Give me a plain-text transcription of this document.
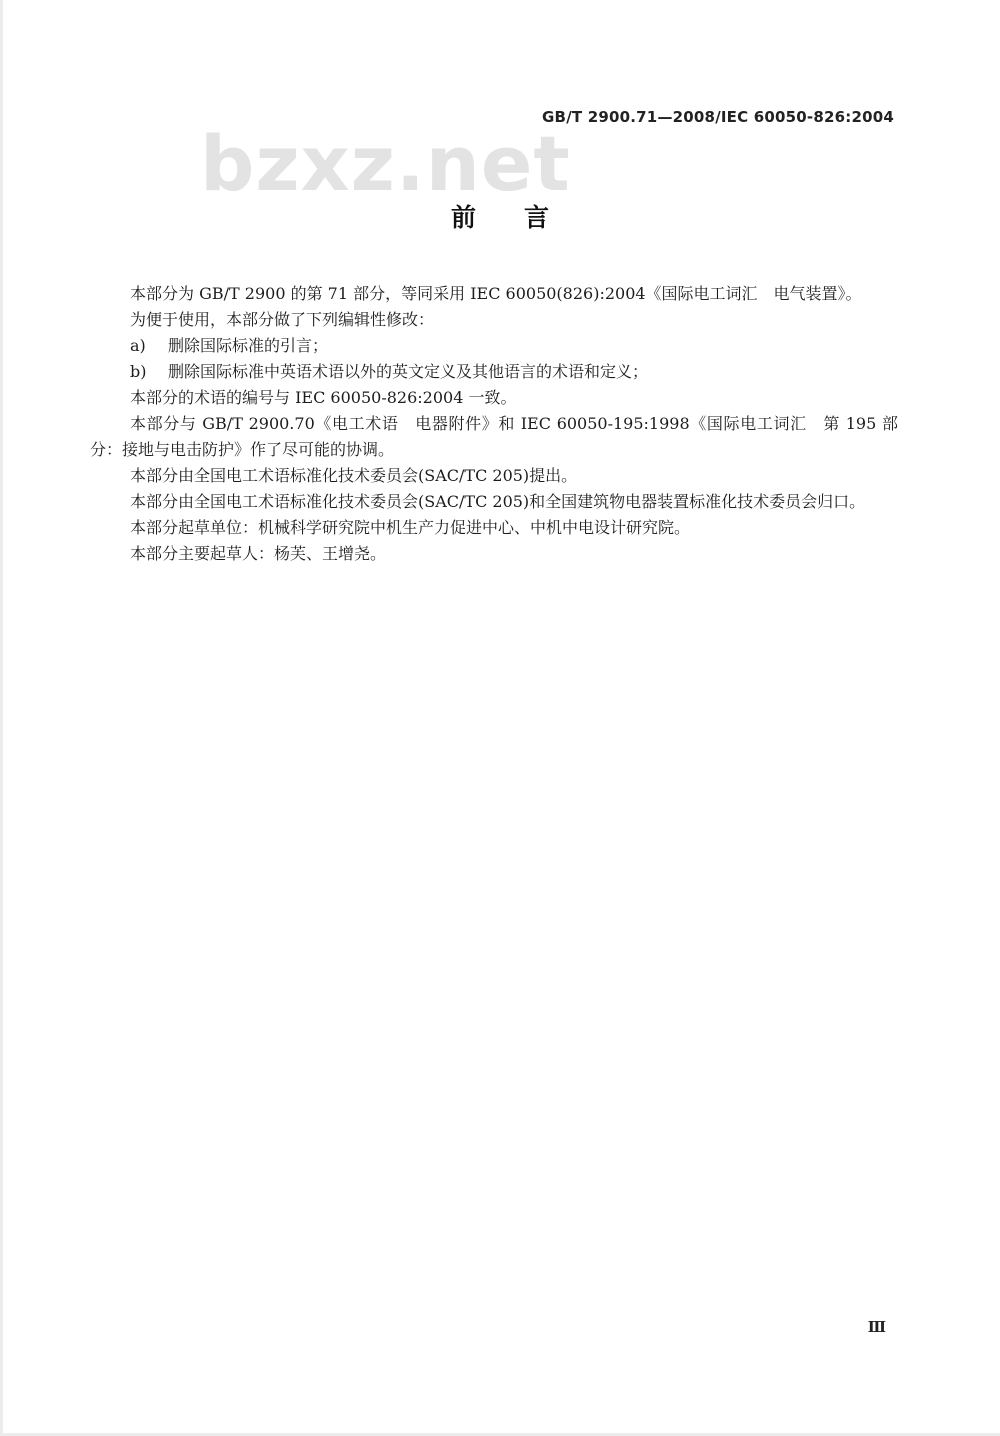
GB/T 2900.71—2008/IEC 60050-826:2004
bzxz.net
前 言

本部分为 GB/T 2900 的第 71 部分，等同采用 IEC 60050(826):2004《国际电工词汇　电气装置》。

为便于使用，本部分做了下列编辑性修改：

a) 删除国际标准的引言；

b) 删除国际标准中英语术语以外的英文定义及其他语言的术语和定义；

本部分的术语的编号与 IEC 60050-826:2004 一致。

本部分与 GB/T 2900.70《电工术语　电器附件》和 IEC 60050-195:1998《国际电工词汇　第 195 部分：接地与电击防护》作了尽可能的协调。

本部分由全国电工术语标准化技术委员会(SAC/TC 205)提出。

本部分由全国电工术语标准化技术委员会(SAC/TC 205)和全国建筑物电器装置标准化技术委员会归口。

本部分起草单位：机械科学研究院中机生产力促进中心、中机中电设计研究院。

本部分主要起草人：杨芙、王增尧。

Ⅲ
